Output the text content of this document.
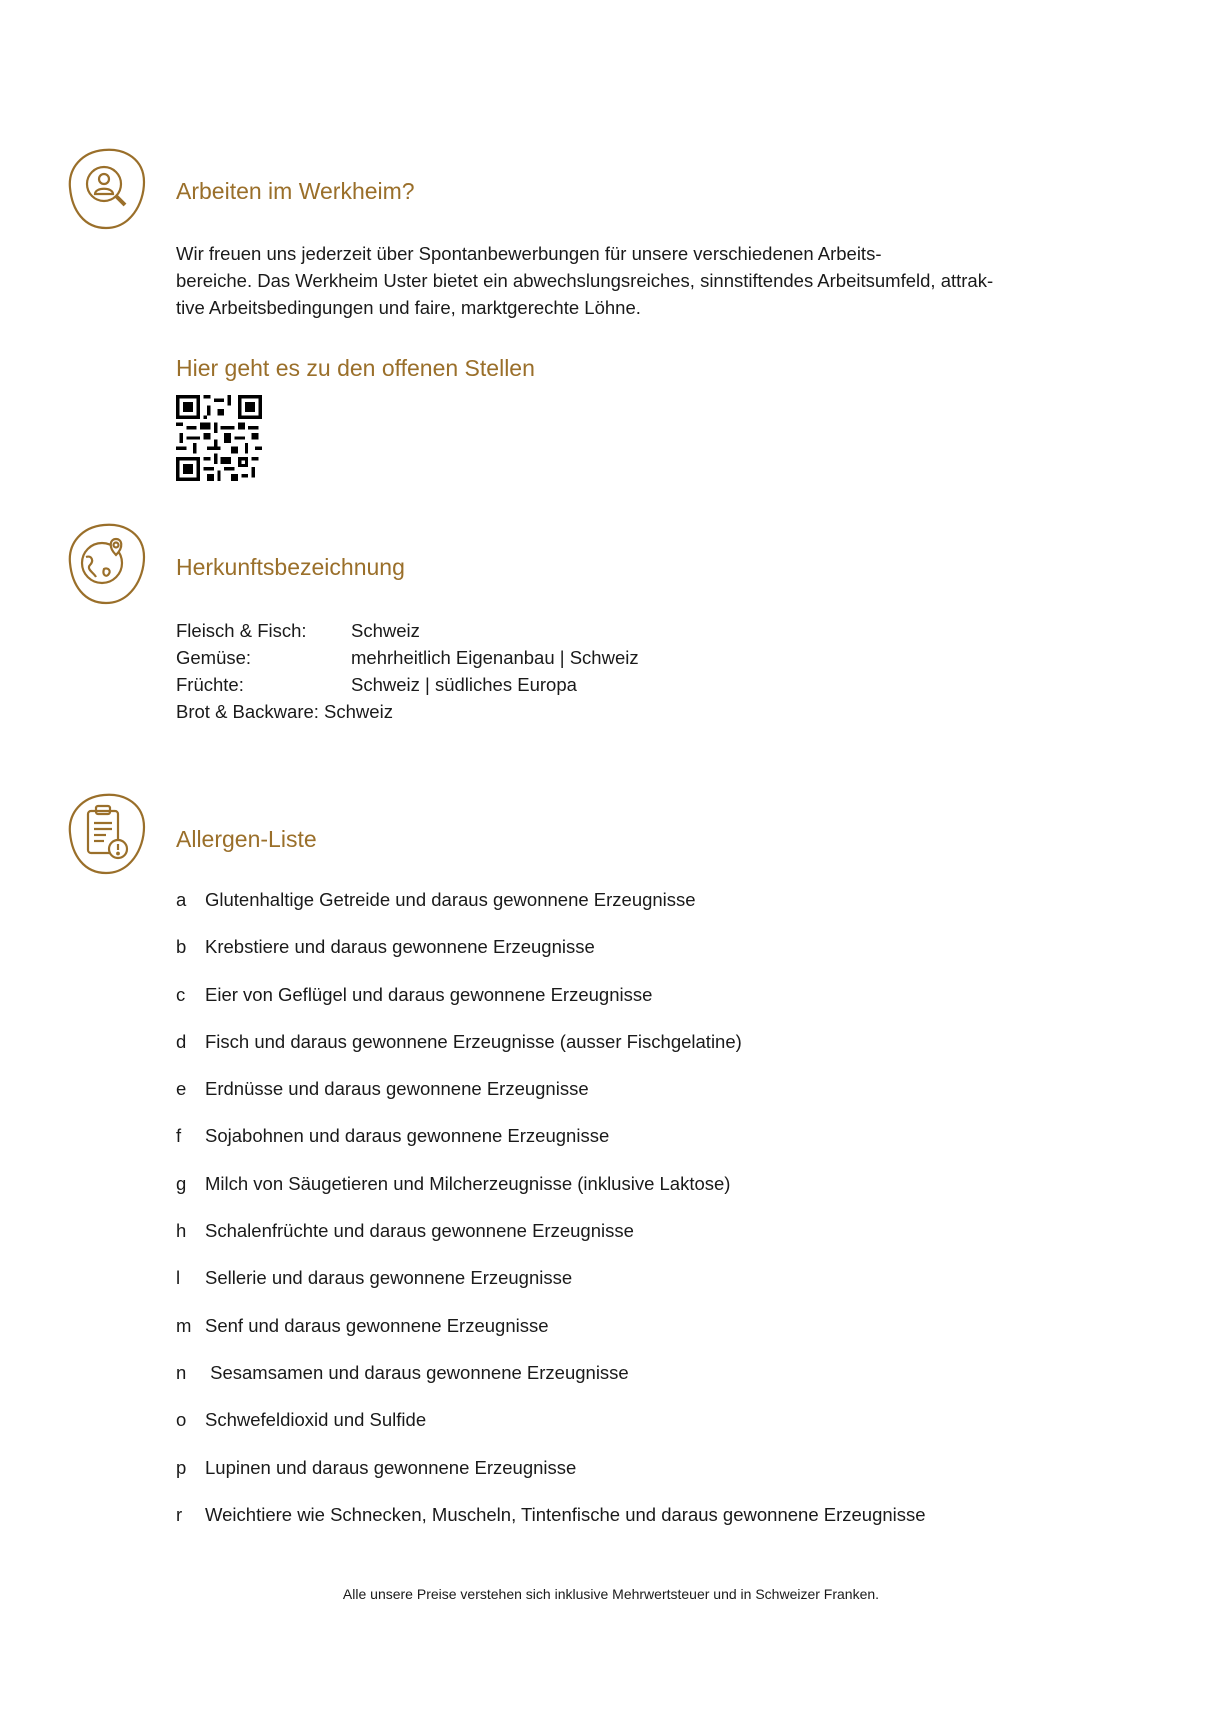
Arbeiten im Werkheim?
Wir freuen uns jederzeit über Spontanbewerbungen für unsere verschiedenen Arbeits-
bereiche. Das Werkheim Uster bietet ein abwechslungsreiches, sinnstiftendes Arbeitsumfeld, attrak-
tive Arbeitsbedingungen und faire, marktgerechte Löhne.
Hier geht es zu den offenen Stellen
Herkunftsbezeichnung
Fleisch & Fisch: Schweiz
Gemüse:	mehrheitlich Eigenanbau | Schweiz
Früchte:	Schweiz | südliches Europa
Brot & Backware: Schweiz
Allergen-Liste
a	Glutenhaltige Getreide und daraus gewonnene Erzeugnisse
b	Krebstiere und daraus gewonnene Erzeugnisse
c	Eier von Geflügel und daraus gewonnene Erzeugnisse
d	Fisch und daraus gewonnene Erzeugnisse (ausser Fischgelatine)
e	Erdnüsse und daraus gewonnene Erzeugnisse
f	Sojabohnen und daraus gewonnene Erzeugnisse
g	Milch von Säugetieren und Milcherzeugnisse (inklusive Laktose)
h	Schalenfrüchte und daraus gewonnene Erzeugnisse
l	Sellerie und daraus gewonnene Erzeugnisse
m Senf und daraus gewonnene Erzeugnisse
n	Sesamsamen und daraus gewonnene Erzeugnisse
o	Schwefeldioxid und Sulfide
p	Lupinen und daraus gewonnene Erzeugnisse
r	Weichtiere wie Schnecken, Muscheln, Tintenfische und daraus gewonnene Erzeugnisse
Alle unsere Preise verstehen sich inklusive Mehrwertsteuer und in Schweizer Franken.
